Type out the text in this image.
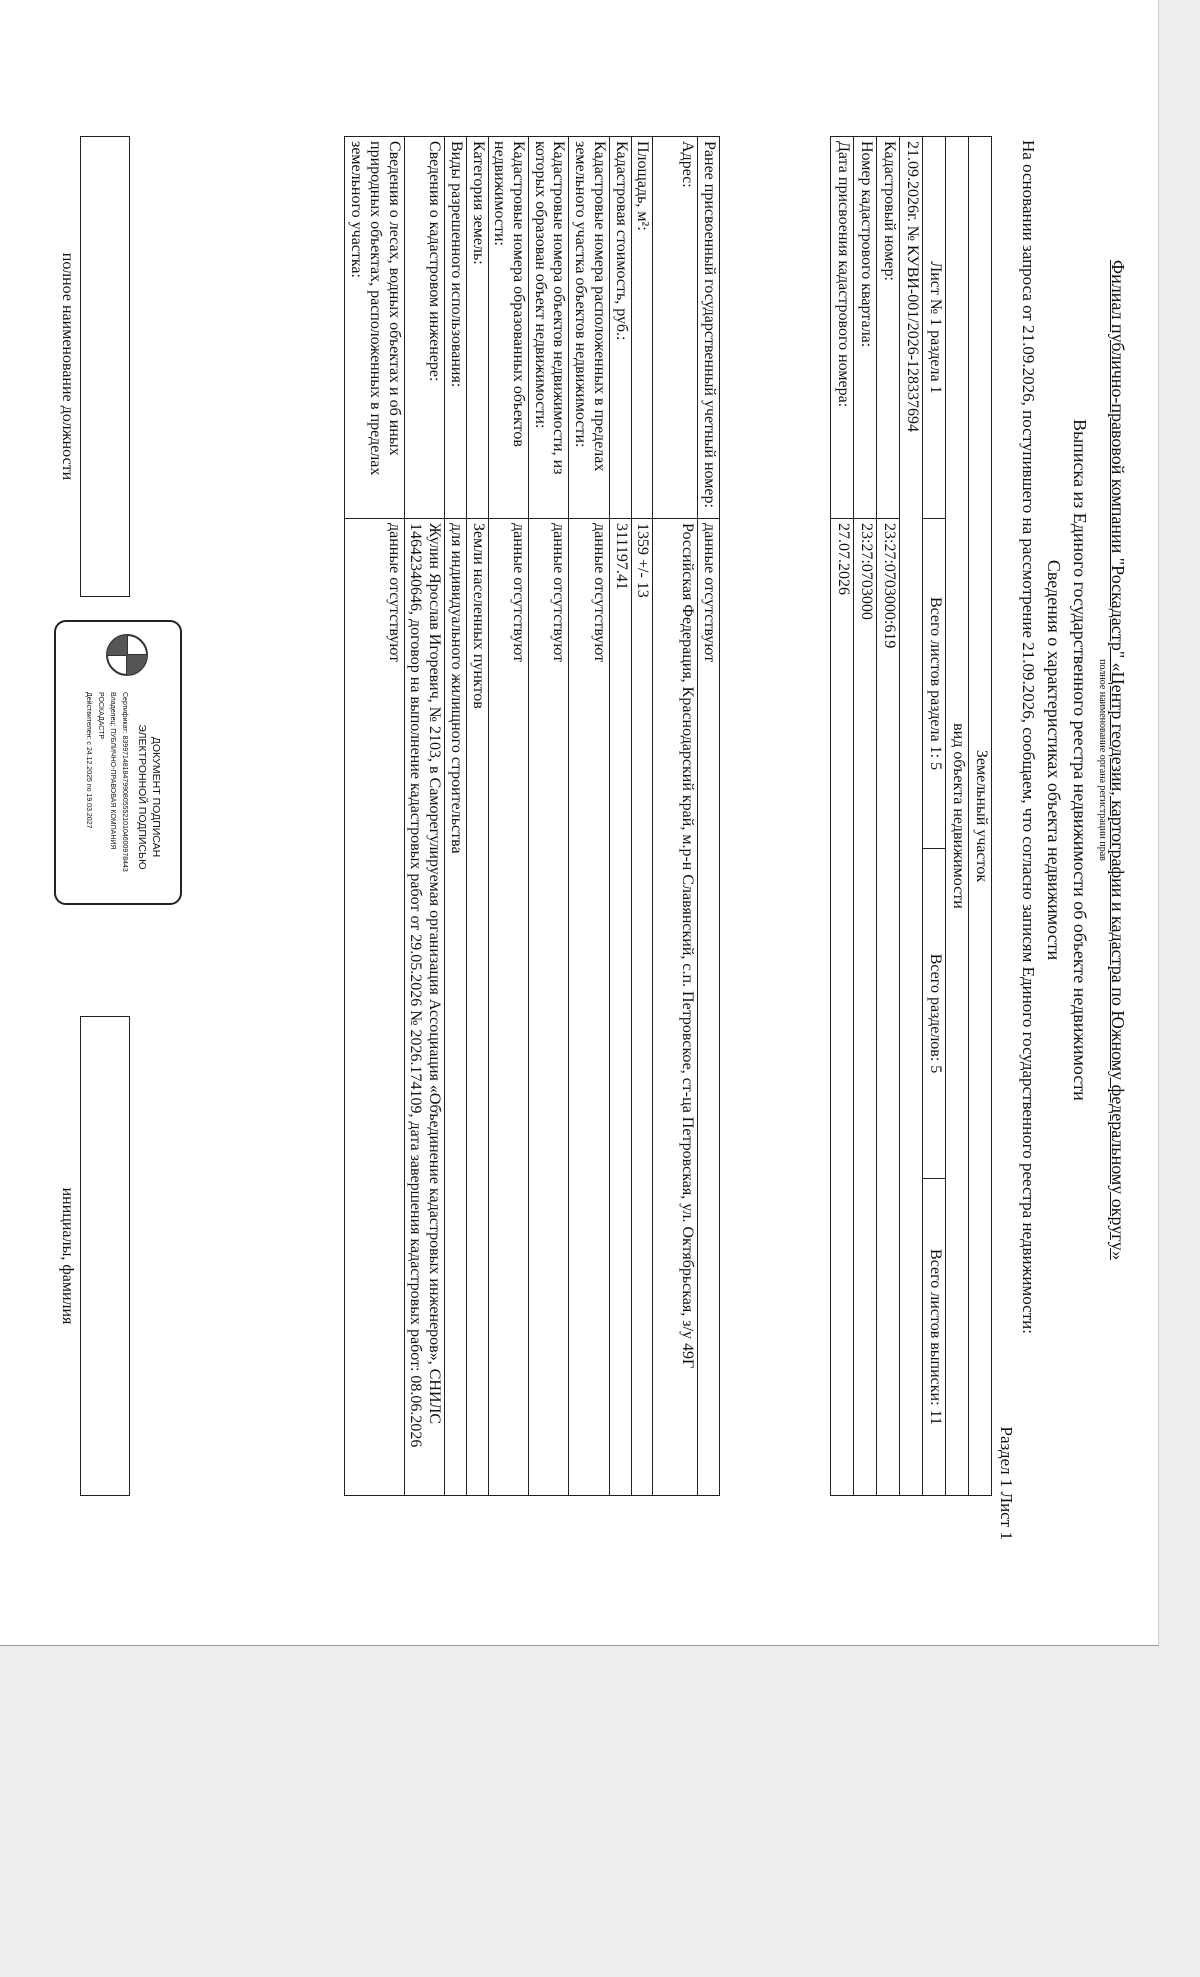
Филиал публично-правовой компании "Роскадастр" «Центр геодезии, картографии и кадастра по Южному федеральному округу»
полное наименование органа регистрации прав
Выписка из Единого государственного реестра недвижимости об объекте недвижимости
Сведения о характеристиках объекта недвижимости
На основании запроса от 21.09.2026, поступившего на рассмотрение 21.09.2026, сообщаем, что согласно записям Единого государственного реестра недвижимости:
Раздел 1 Лист 1
Земельный участок			
вид объекта недвижимости			
Лист № 1 раздела 1	Всего листов раздела 1: 5	Всего разделов: 5	Всего листов выписки: 11
21.09.2026г. № КУВИ-001/2026-128337694			
Кадастровый номер:	23:27:0703000:619		
Номер кадастрового квартала:	23:27:0703000		
Дата присвоения кадастрового номера:	27.07.2026		
Ранее присвоенный государственный учетный номер:	данные отсутствуют
Адрес:	Российская Федерация, Краснодарский край, м.р-н Славянский, с.п. Петровское, ст-ца Петровская, ул. Октябрьская, з/у 49Г
Площадь, м²:	1359 +/- 13
Кадастровая стоимость, руб.:	311197.41
Кадастровые номера расположенных в пределах земельного участка объектов недвижимости:	данные отсутствуют
Кадастровые номера объектов недвижимости, из которых образован объект недвижимости:	данные отсутствуют
Кадастровые номера образованных объектов недвижимости:	данные отсутствуют
Категория земель:	Земли населенных пунктов
Виды разрешенного использования:	для индивидуального жилищного строительства
Сведения о кадастровом инженере:	Жулин Ярослав Игоревич, № 2103, в Саморегулируемая организация Ассоциация «Объединение кадастровых инженеров», СНИЛС 14642340646, договор на выполнение кадастровых работ от 29.05.2026 № 2026.174109, дата завершения кадастровых работ: 08.06.2026
Сведения о лесах, водных объектах и об иных природных объектах, расположенных в пределах земельного участка:	данные отсутствуют

полное наименование должности		инициалы, фамилия
ДОКУМЕНТ ПОДПИСАН
ЭЛЕКТРОННОЙ ПОДПИСЬЮ
Сертификат: 83997148184799080555210104600978443
Владелец: ПУБЛИЧНО-ПРАВОВАЯ КОМПАНИЯ
РОСКАДАСТР
Действителен: с 24.12.2025 по 19.03.2027
